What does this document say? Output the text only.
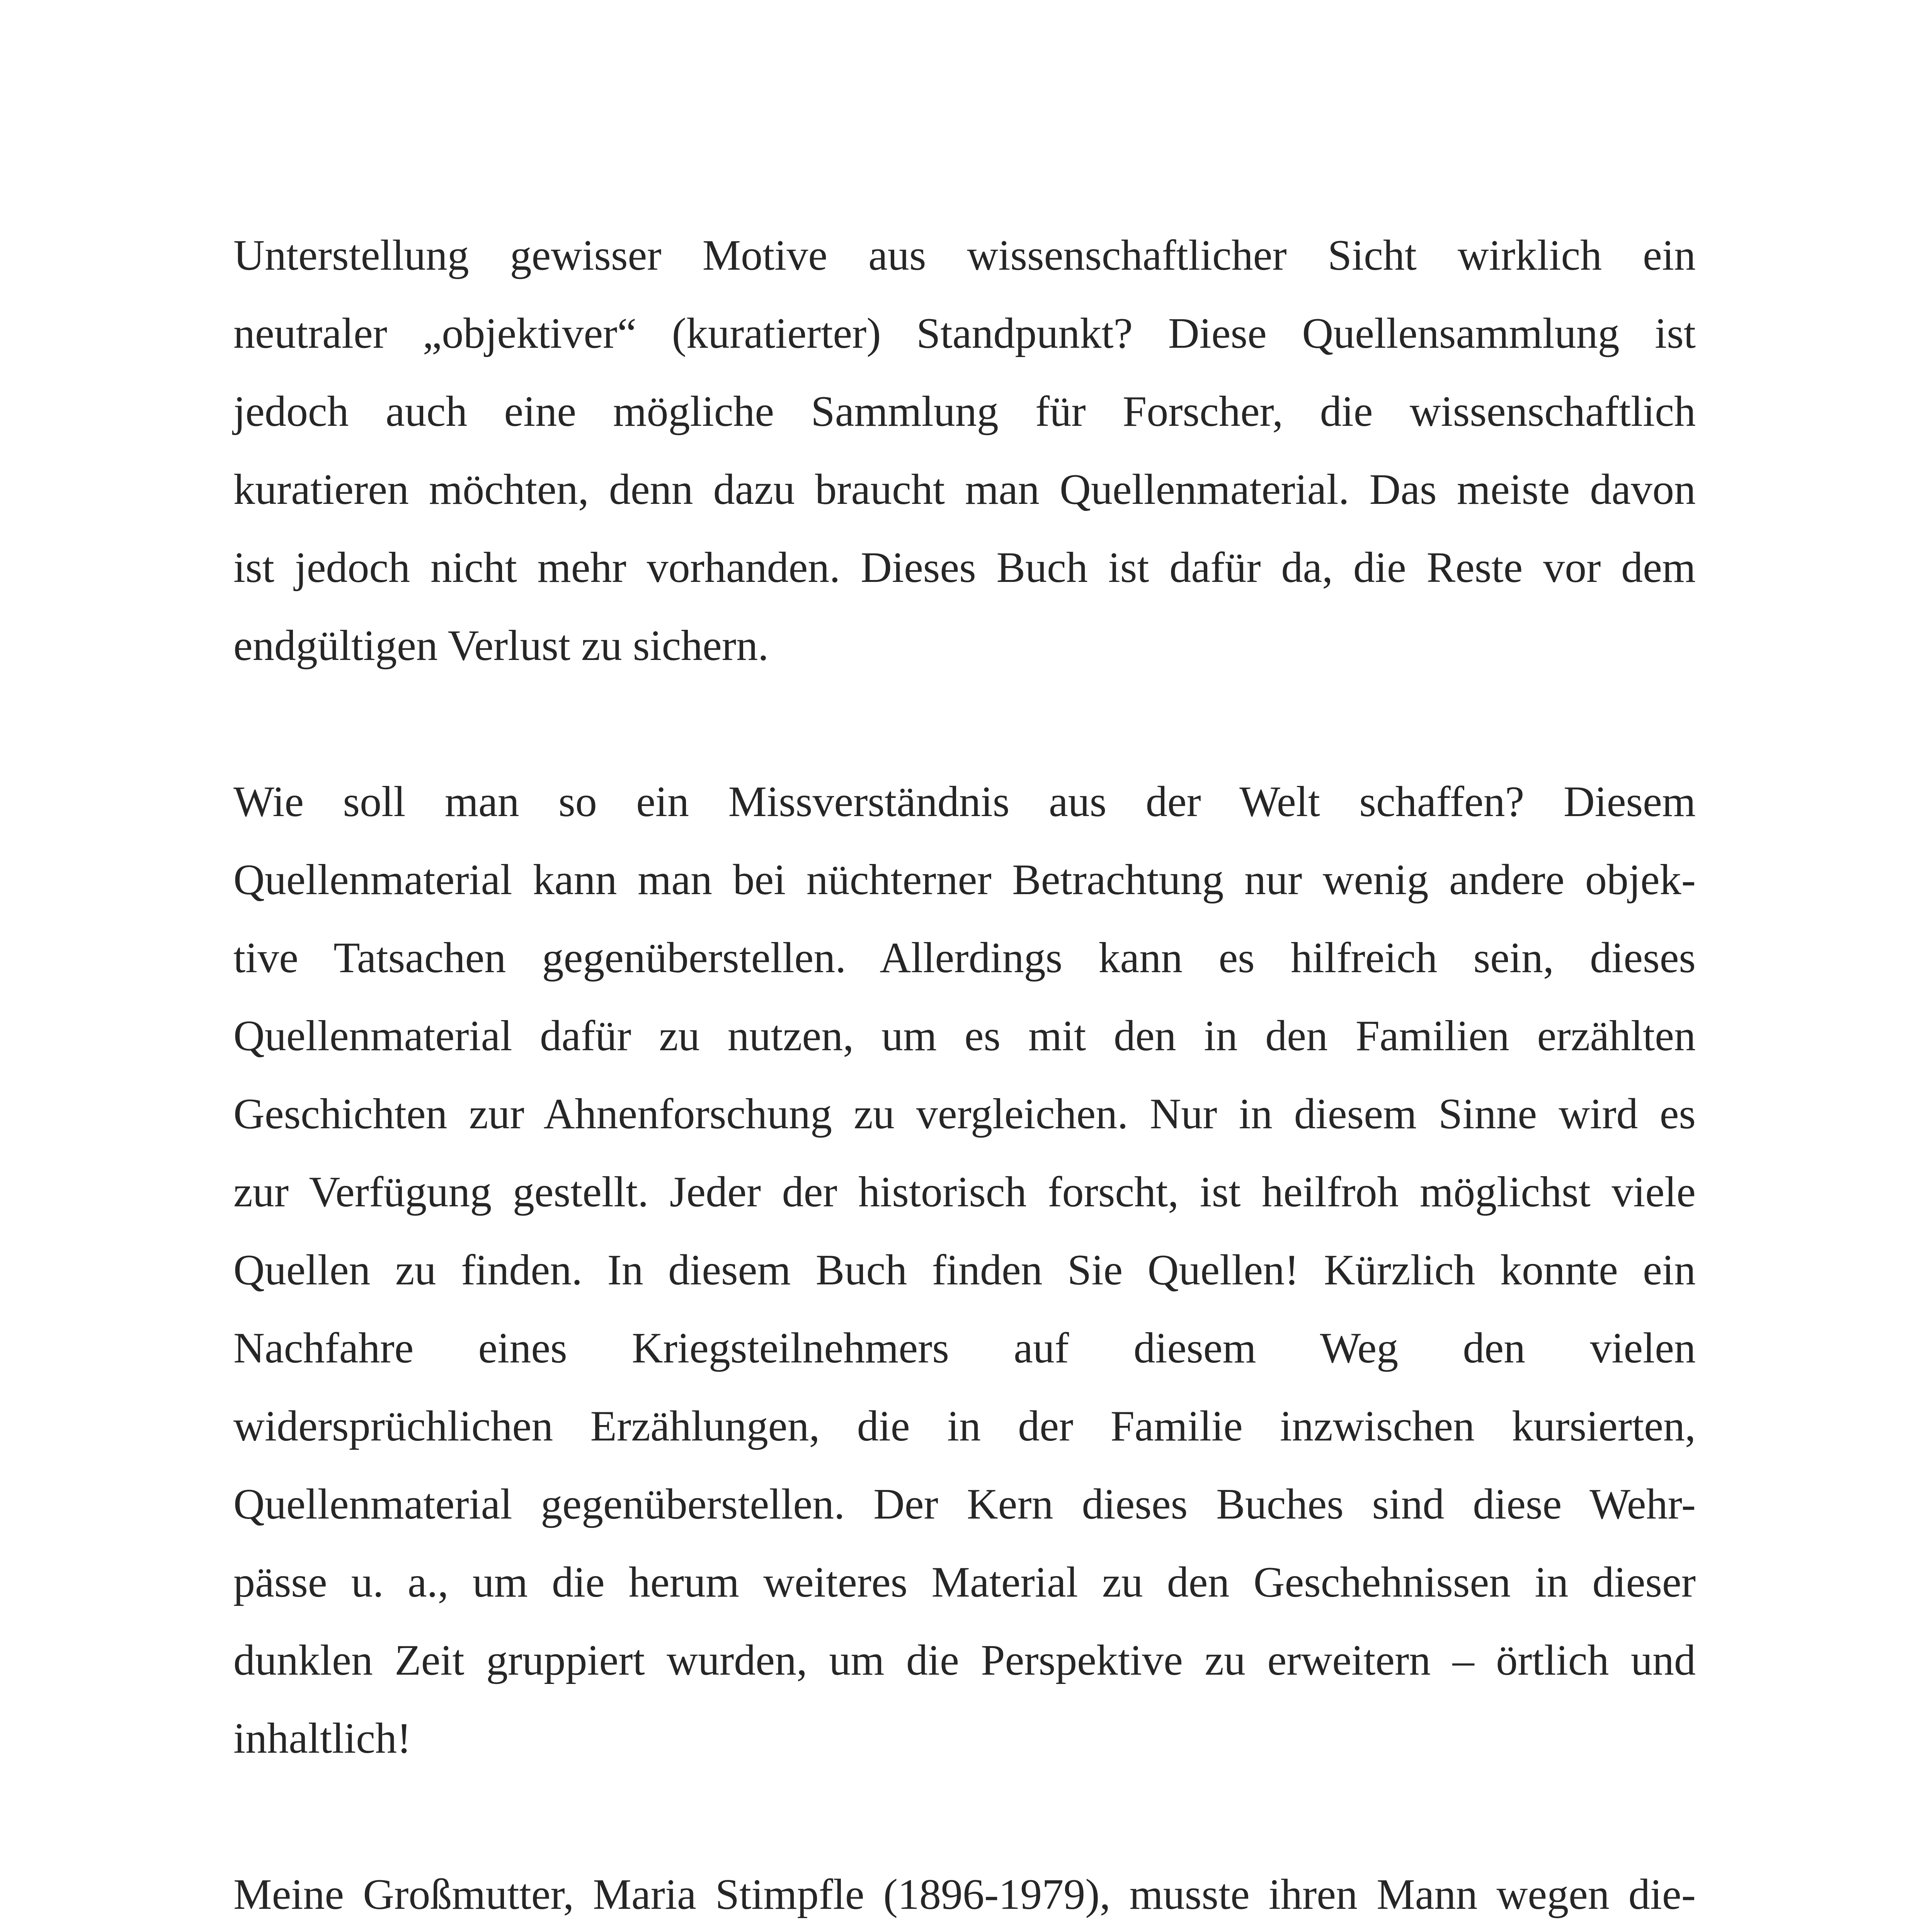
Unterstellung gewisser Motive aus wissenschaftlicher Sicht wirklich ein
neutraler „objektiver“ (kuratierter) Standpunkt? Diese Quellensammlung ist
jedoch auch eine mögliche Sammlung für Forscher, die wissenschaftlich
kuratieren möchten, denn dazu braucht man Quellenmaterial. Das meiste davon
ist jedoch nicht mehr vorhanden. Dieses Buch ist dafür da, die Reste vor dem
endgültigen Verlust zu sichern.

Wie soll man so ein Missverständnis aus der Welt schaffen? Diesem
Quellenmaterial kann man bei nüchterner Betrachtung nur wenig andere objek-
tive Tatsachen gegenüberstellen. Allerdings kann es hilfreich sein, dieses
Quellenmaterial dafür zu nutzen, um es mit den in den Familien erzählten
Geschichten zur Ahnenforschung zu vergleichen. Nur in diesem Sinne wird es
zur Verfügung gestellt. Jeder der historisch forscht, ist heilfroh möglichst viele
Quellen zu finden. In diesem Buch finden Sie Quellen! Kürzlich konnte ein
Nachfahre eines Kriegsteilnehmers auf diesem Weg den vielen
widersprüchlichen Erzählungen, die in der Familie inzwischen kursierten,
Quellenmaterial gegenüberstellen. Der Kern dieses Buches sind diese Wehr-
pässe u. a., um die herum weiteres Material zu den Geschehnissen in dieser
dunklen Zeit gruppiert wurden, um die Perspektive zu erweitern – örtlich und
inhaltlich!

Meine Großmutter, Maria Stimpfle (1896-1979), musste ihren Mann wegen die-
